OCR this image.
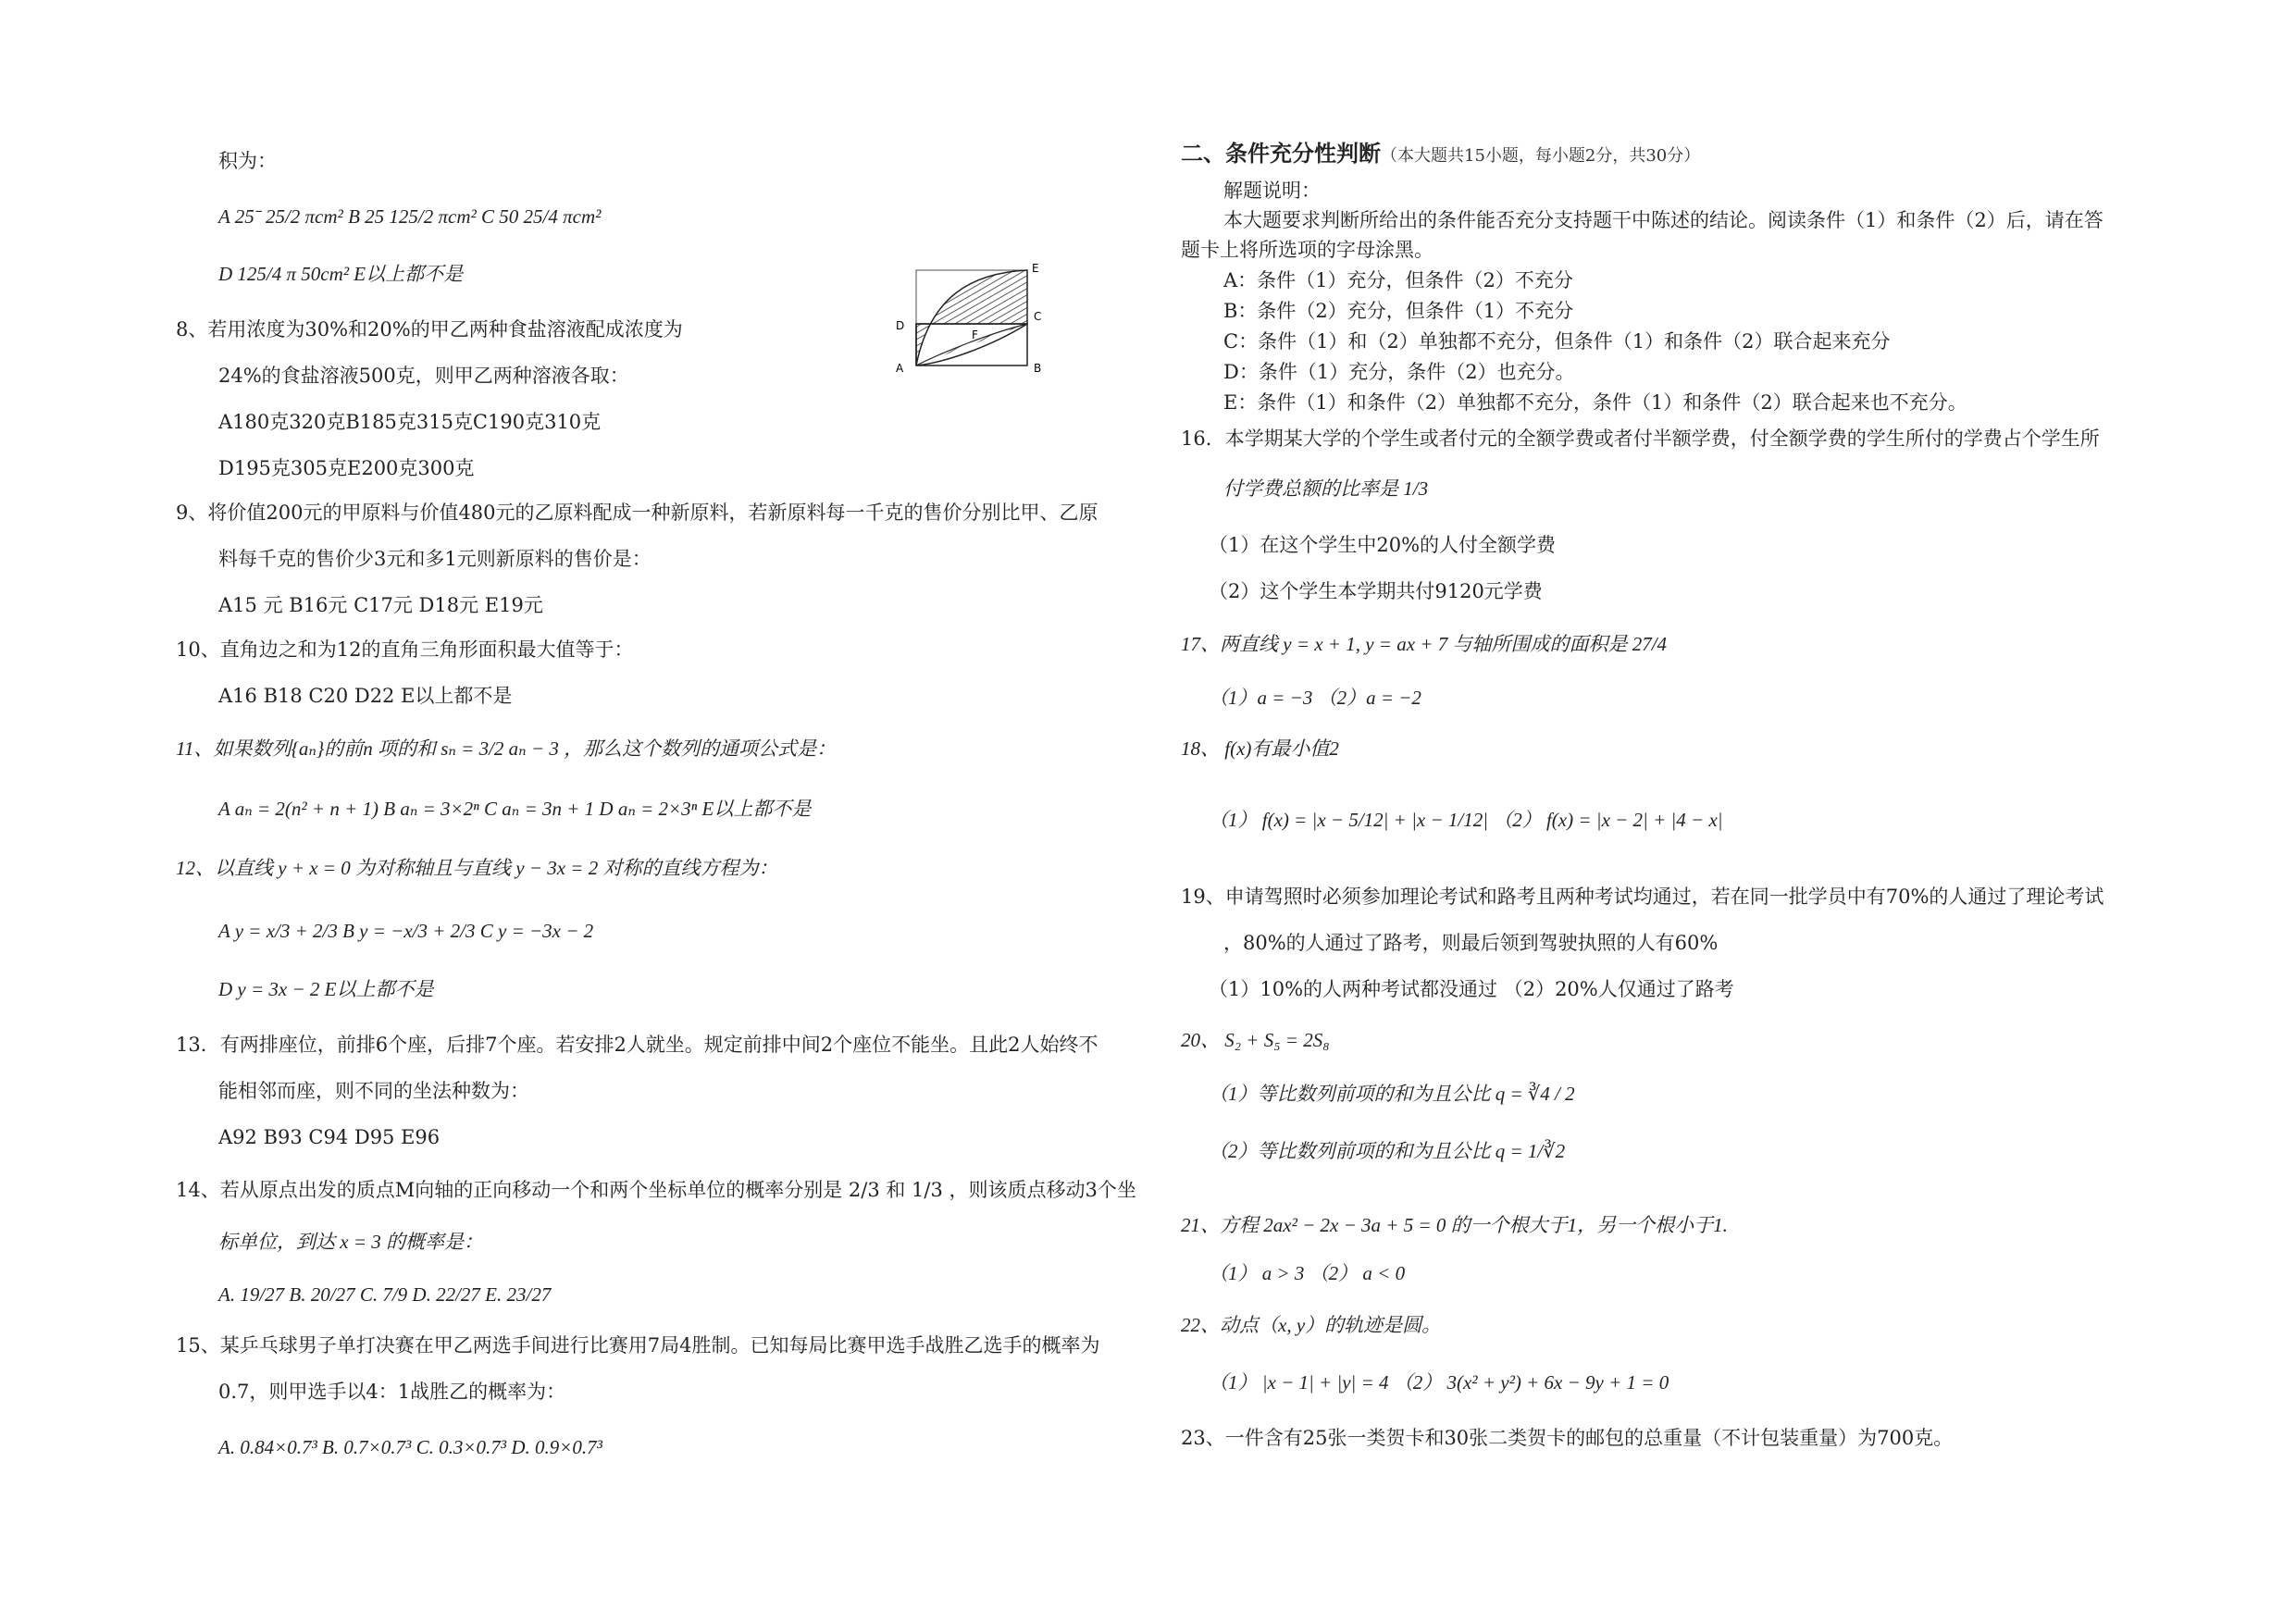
积为：
A 25ˉ 25/2 πcm² B 25 125/2 πcm² C 50 25/4 πcm²
D 125/4 π 50cm² E以上都不是
8、若用浓度为30%和20%的甲乙两种食盐溶液配成浓度为
24%的食盐溶液500克，则甲乙两种溶液各取：
A180克320克B185克315克C190克310克
D195克305克E200克300克
9、将价值200元的甲原料与价值480元的乙原料配成一种新原料，若新原料每一千克的售价分别比甲、乙原
料每千克的售价少3元和多1元则新原料的售价是：
A15 元 B16元 C17元 D18元 E19元
10、直角边之和为12的直角三角形面积最大值等于：
A16 B18 C20 D22 E以上都不是
11、如果数列{aₙ}的前n 项的和 sₙ = 3/2 aₙ − 3 ，那么这个数列的通项公式是：
A aₙ = 2(n² + n + 1) B aₙ = 3×2ⁿ C aₙ = 3n + 1 D aₙ = 2×3ⁿ E以上都不是
12、以直线 y + x = 0 为对称轴且与直线 y − 3x = 2 对称的直线方程为：
A y = x/3 + 2/3 B y = −x/3 + 2/3 C y = −3x − 2
D y = 3x − 2 E以上都不是
13．有两排座位，前排6个座，后排7个座。若安排2人就坐。规定前排中间2个座位不能坐。且此2人始终不
能相邻而座，则不同的坐法种数为：
A92 B93 C94 D95 E96
14、若从原点出发的质点M向轴的正向移动一个和两个坐标单位的概率分别是 2/3 和 1/3 ，则该质点移动3个坐
标单位，到达 x = 3 的概率是：
A. 19/27 B. 20/27 C. 7/9 D. 22/27 E. 23/27
15、某乒乓球男子单打决赛在甲乙两选手间进行比赛用7局4胜制。已知每局比赛甲选手战胜乙选手的概率为
0.7，则甲选手以4：1战胜乙的概率为：
A. 0.84×0.7³ B. 0.7×0.7³ C. 0.3×0.7³ D. 0.9×0.7³
E
D
C
F
A	B
二、条件充分性判断（本大题共15小题，每小题2分，共30分）
解题说明：
本大题要求判断所给出的条件能否充分支持题干中陈述的结论。阅读条件（1）和条件（2）后，请在答
题卡上将所选项的字母涂黑。
A：条件（1）充分，但条件（2）不充分
B：条件（2）充分，但条件（1）不充分
C：条件（1）和（2）单独都不充分，但条件（1）和条件（2）联合起来充分
D：条件（1）充分，条件（2）也充分。
E：条件（1）和条件（2）单独都不充分，条件（1）和条件（2）联合起来也不充分。
16．本学期某大学的个学生或者付元的全额学费或者付半额学费，付全额学费的学生所付的学费占个学生所
付学费总额的比率是 1/3
（1）在这个学生中20%的人付全额学费
（2）这个学生本学期共付9120元学费
17、两直线 y = x + 1, y = ax + 7 与轴所围成的面积是 27/4
（1）a = −3 （2）a = −2
18、 f(x)有最小值2
（1） f(x) = |x − 5/12| + |x − 1/12| （2） f(x) = |x − 2| + |4 − x|
19、申请驾照时必须参加理论考试和路考且两种考试均通过，若在同一批学员中有70%的人通过了理论考试
，80%的人通过了路考，则最后领到驾驶执照的人有60%
（1）10%的人两种考试都没通过 （2）20%人仅通过了路考
20、 S₂ + S₅ = 2S₈
（1）等比数列前项的和为且公比 q = ∛4 / 2
（2）等比数列前项的和为且公比 q = 1/∛2
21、方程 2ax² − 2x − 3a + 5 = 0 的一个根大于1，另一个根小于1.
（1） a > 3 （2） a < 0
22、动点（x, y）的轨迹是圆。
（1） |x − 1| + |y| = 4 （2） 3(x² + y²) + 6x − 9y + 1 = 0
23、一件含有25张一类贺卡和30张二类贺卡的邮包的总重量（不计包装重量）为700克。
